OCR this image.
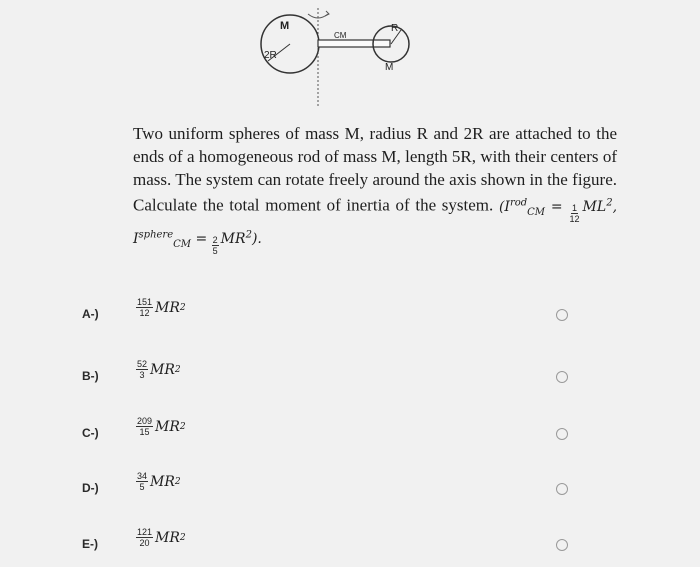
M
2R
CM
R
M
Two uniform spheres of mass M, radius R and 2R are attached to the ends of a homogeneous rod of mass M, length 5R, with their centers of mass. The system can rotate freely around the axis shown in the figure. Calculate the total moment of inertia of the system. ($I^{rod}_{CM} = \frac{1}{12} ML^2$, $I^{sphere}_{CM} = \frac{2}{5} MR^2$).
A-)	$\frac{151}{12}$ MR 2
B-)	$\frac{52}{3}$ MR 2
C-)	$\frac{209}{15}$ MR 2
D-)	$\frac{34}{5}$ MR 2
E-)	$\frac{121}{20}$ MR 2
